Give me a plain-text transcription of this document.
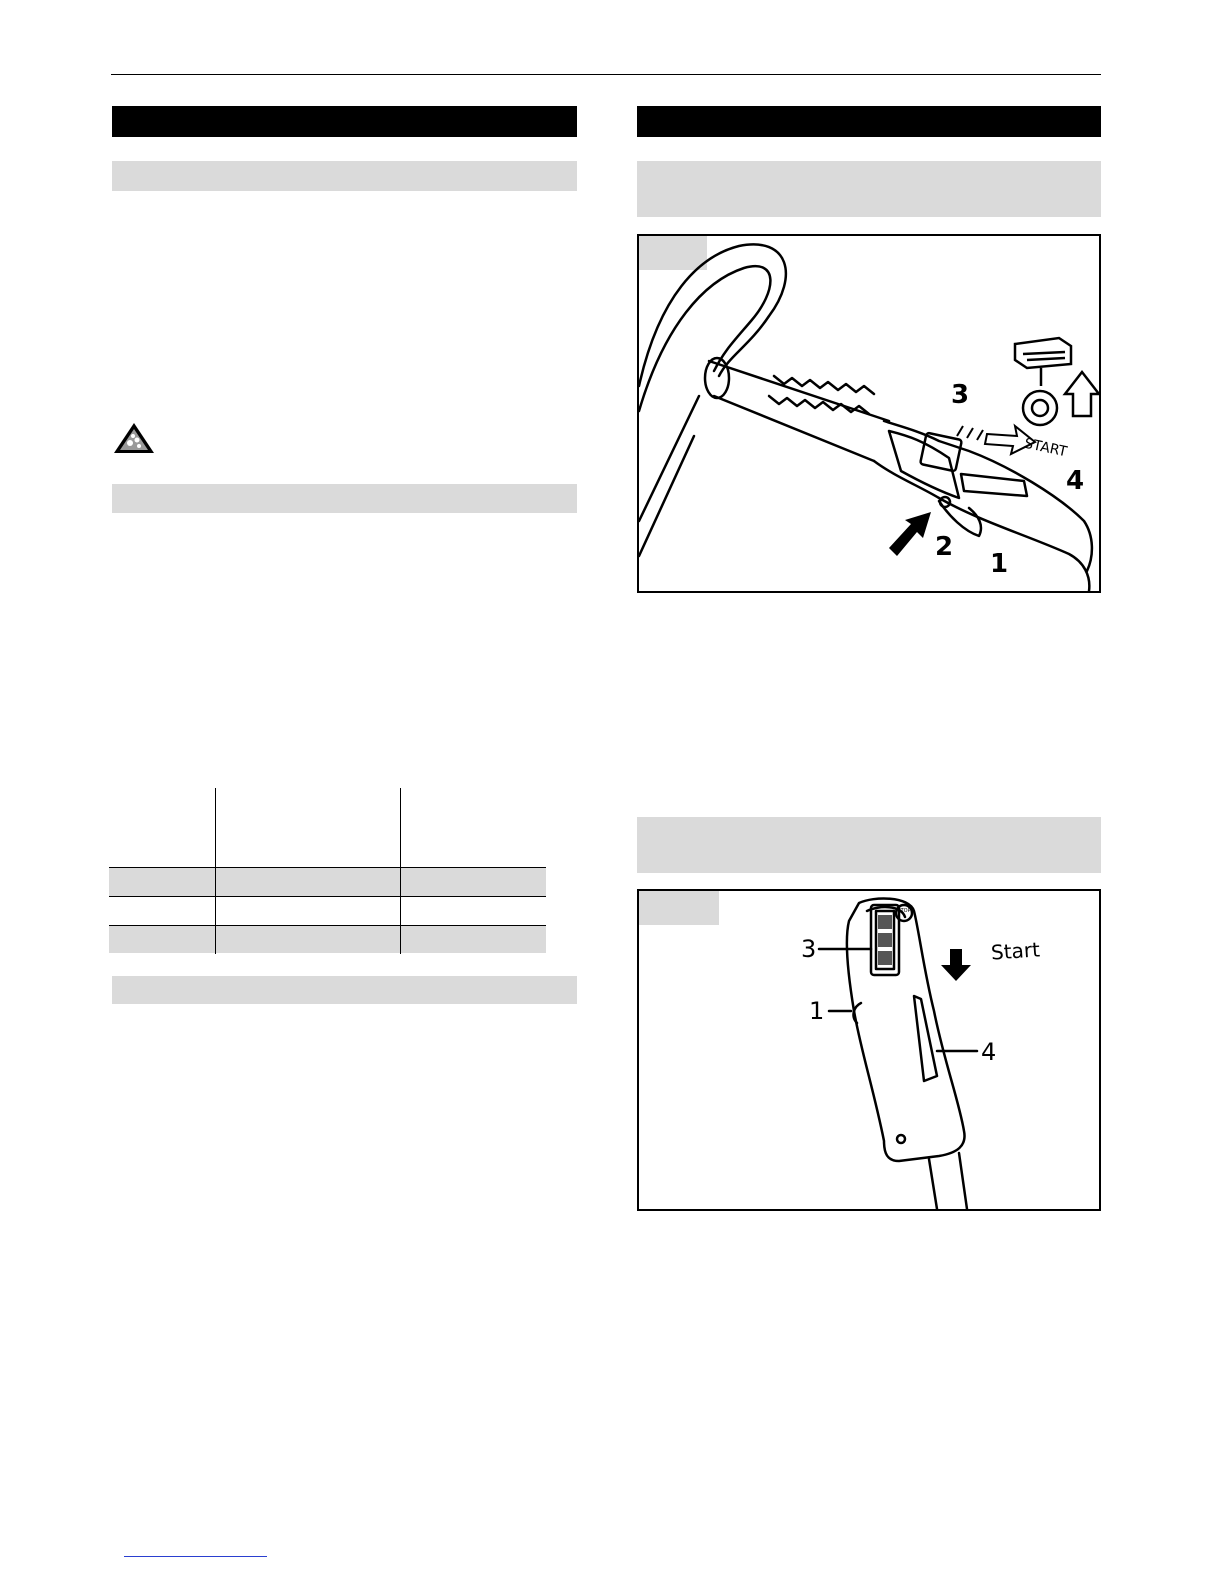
3
4
2
1
START
STOP
3
1
4
Start
